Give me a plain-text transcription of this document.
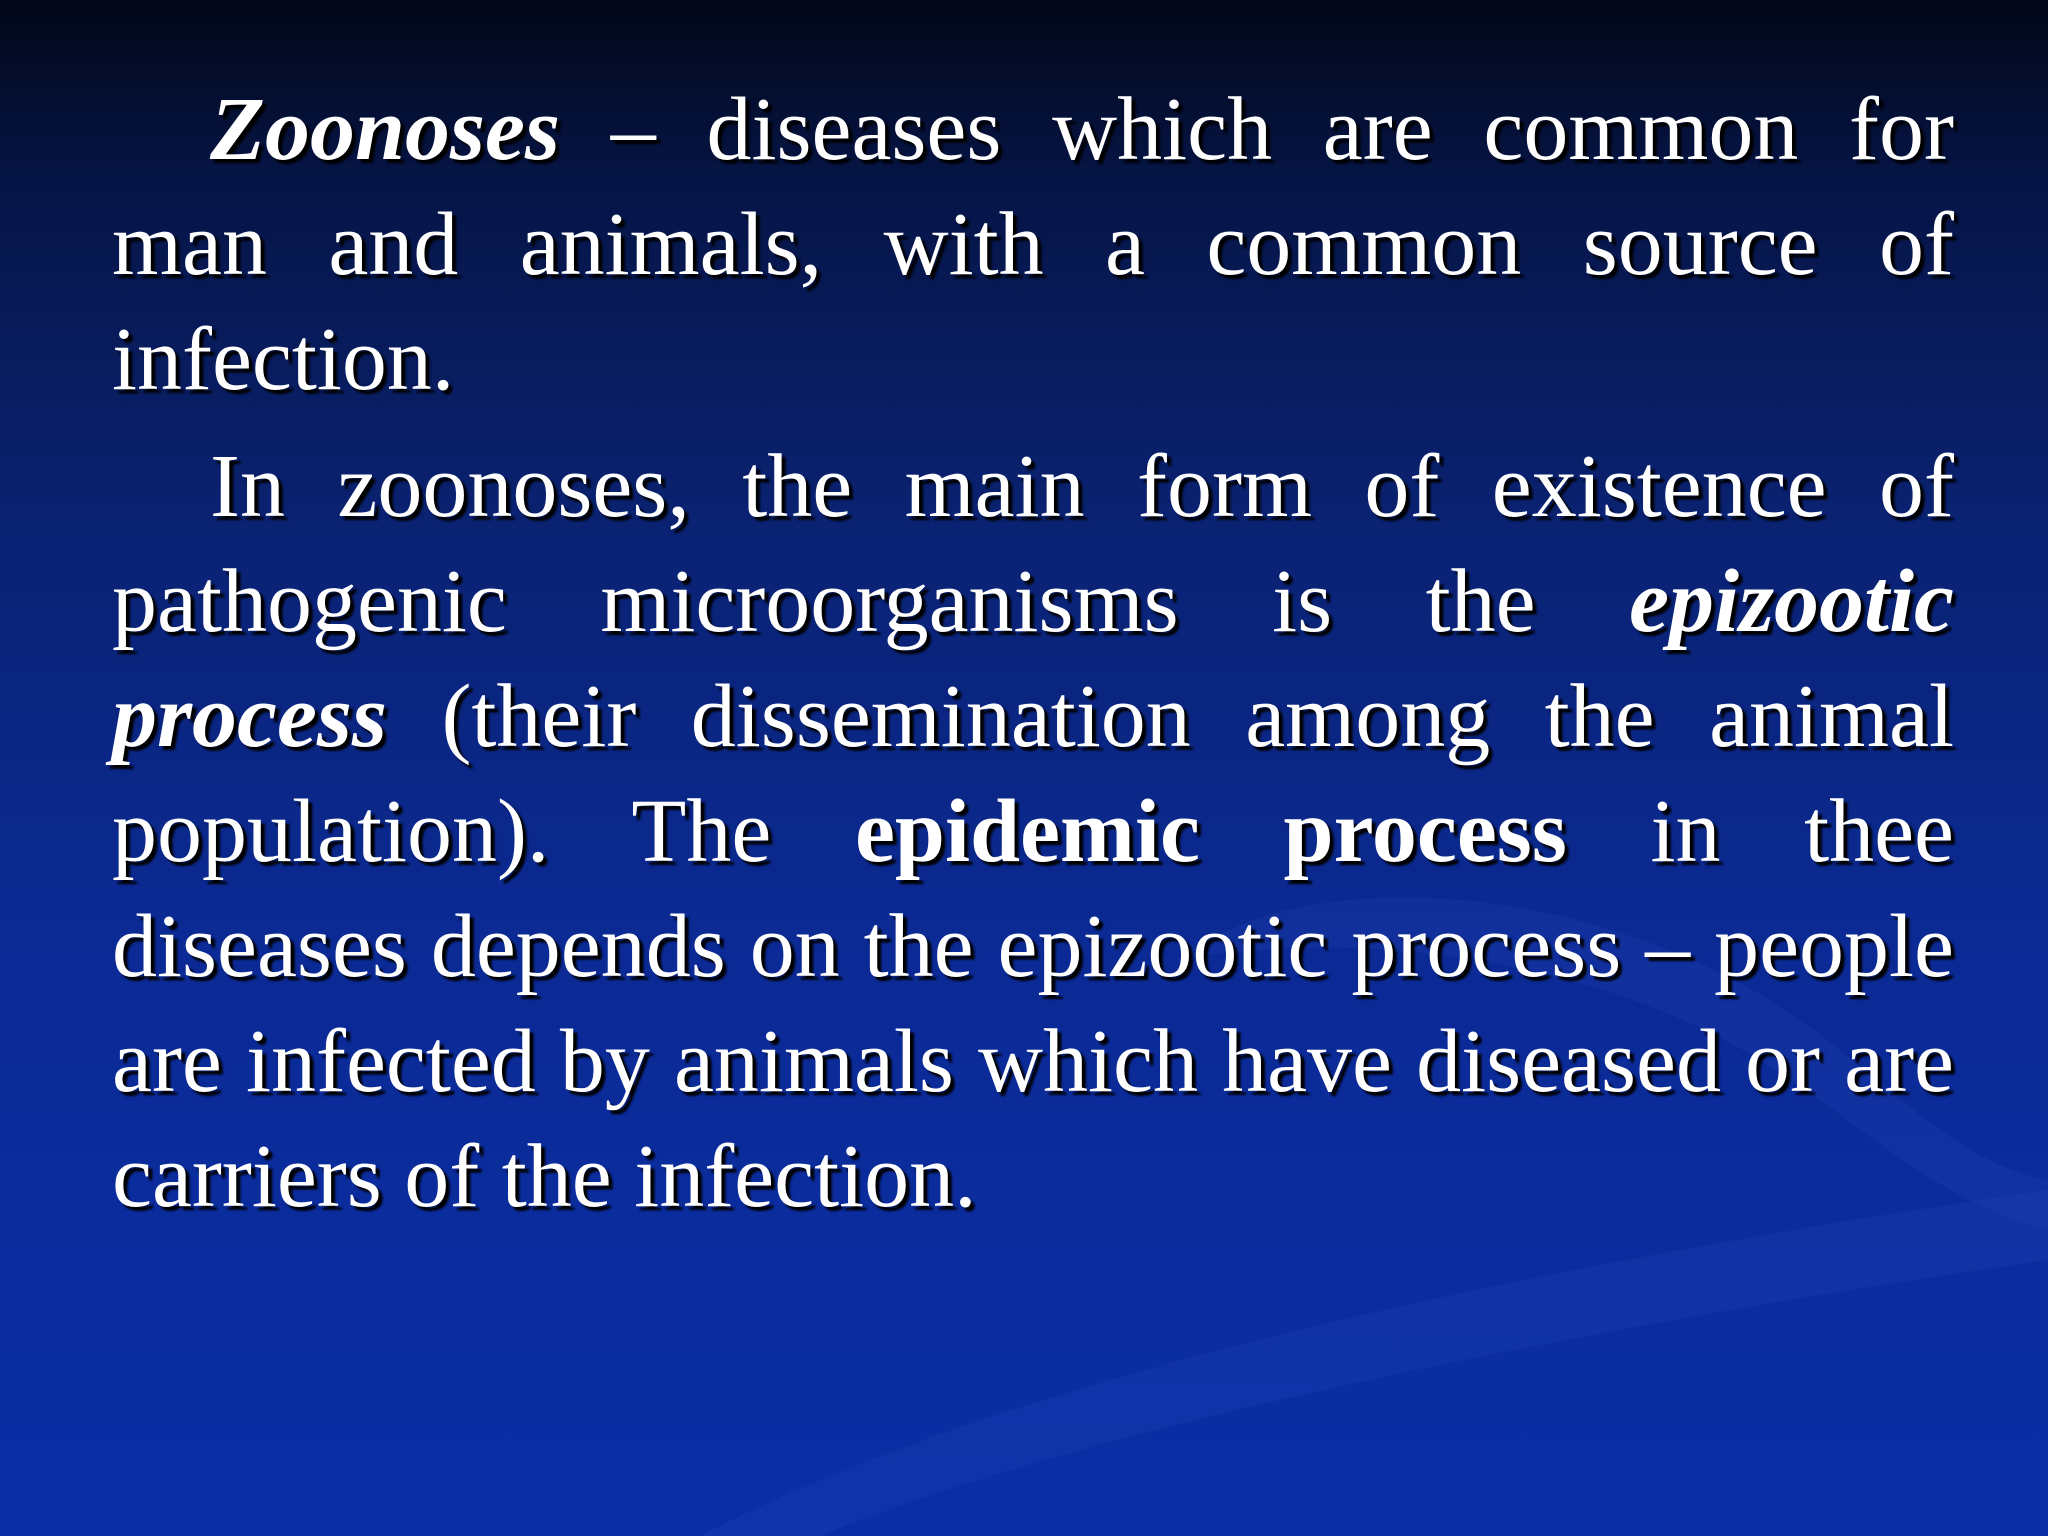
Zoonoses – diseases which are common for man and animals, with a common source of infection.

In zoonoses, the main form of existence of pathogenic microorganisms is the epizootic process (their dissemination among the animal population). The epidemic process in thee diseases depends on the epizootic process – people are infected by animals which have diseased or are carriers of the infection.
